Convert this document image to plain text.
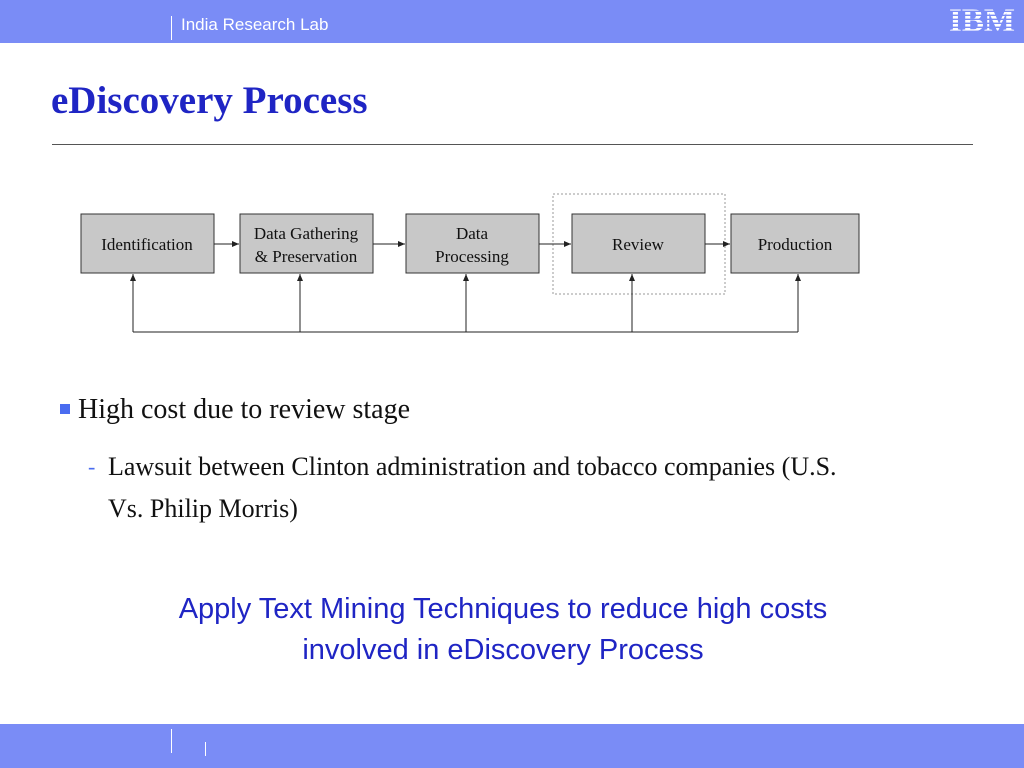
India Research Lab	IBM
eDiscovery Process
Identification
Data Gathering
& Preservation
Data
Processing
Review	Production
High cost due to review stage
- Lawsuit between Clinton administration and tobacco companies (U.S. Vs. Philip Morris)
Apply Text Mining Techniques to reduce high costs
involved in eDiscovery Process
